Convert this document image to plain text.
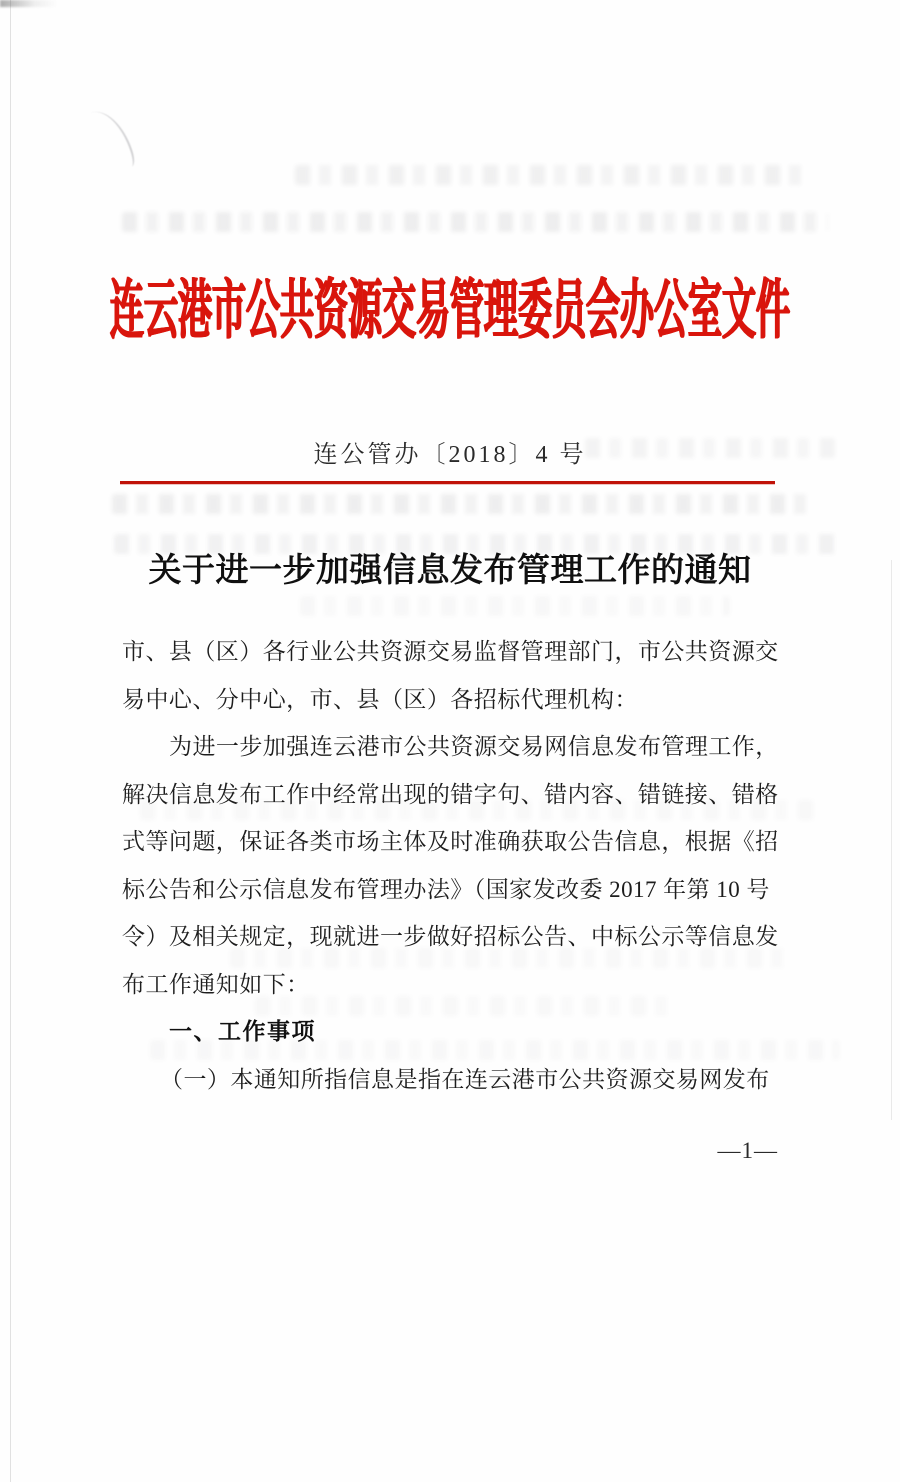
连云港市公共资源交易管理委员会办公室文件
连公管办〔2018〕4 号
关于进一步加强信息发布管理工作的通知
市、县（区）各行业公共资源交易监督管理部门，市公共资源交
易中心、分中心，市、县（区）各招标代理机构：
为进一步加强连云港市公共资源交易网信息发布管理工作，
解决信息发布工作中经常出现的错字句、错内容、错链接、错格
式等问题，保证各类市场主体及时准确获取公告信息，根据《招
标公告和公示信息发布管理办法》（国家发改委 2017 年第 10 号
令）及相关规定，现就进一步做好招标公告、中标公示等信息发
布工作通知如下：
一、工作事项
（一）本通知所指信息是指在连云港市公共资源交易网发布
—1—
